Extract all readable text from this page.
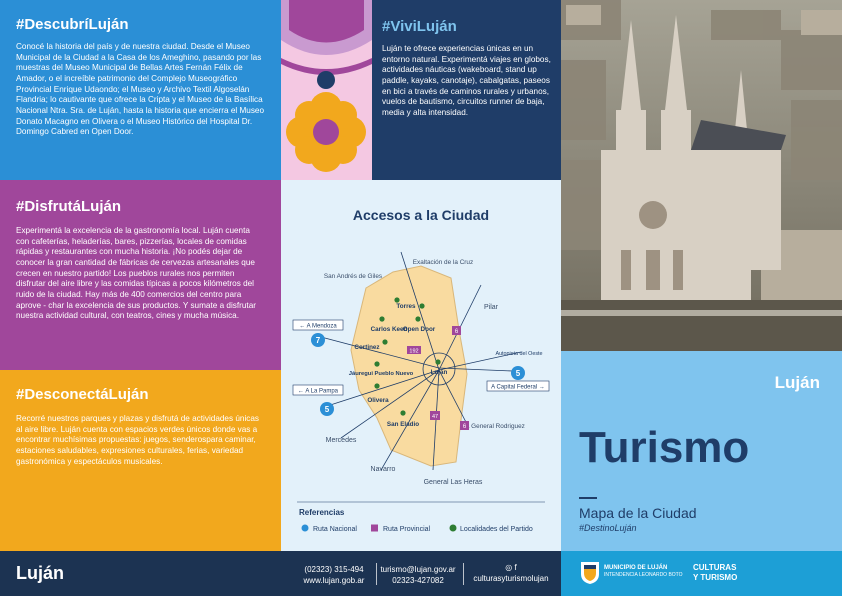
#DescubríLuján
Conocé la historia del país y de nuestra ciudad. Desde el Museo Municipal de la Ciudad a la Casa de los Ameghino, pasando por las muestras del Museo Municipal de Bellas Artes Fernán Félix de Amador, o el increíble patrimonio del Complejo Museográfico Provincial Enrique Udaondo; el Museo y Archivo Textil Algoselán Flandria; lo cautivante que ofrece la Cripta y el Museo de la Basílica Nacional Ntra. Sra. de Luján, hasta la historia que encierra el Museo Donato Macagno en Olivera o el Museo Histórico del Hospital Dr. Domingo Cabred en Open Door.
#DisfrutáLuján
Experimentá la excelencia de la gastronomía local. Luján cuenta con cafeterías, heladerías, bares, pizzerías, locales de comidas rápidas y restaurantes con mucha historia. ¡No podés dejar de conocer la gran cantidad de fábricas de cervezas artesanales que crecen en nuestro partido! Los pueblos rurales nos permiten disfrutar del aire libre y las comidas típicas a pocos kilómetros del ruido de la ciudad. Hay más de 400 comercios del centro para aprove - char la excelencia de sus productos. Y sumate a disfrutar nuestra actividad cultural, con teatros, cines y mucha música.
#DesconectáLuján
Recorré nuestros parques y plazas y disfrutá de actividades únicas al aire libre. Luján cuenta con espacios verdes únicos donde vas a encontrar muchísimas propuestas: juegos, senderospara caminar, estaciones saludables, expresiones culturales, ferias, variedad gastronómica y espectáculos musicales.
#ViviLuján
Luján te ofrece experiencias únicas en un entorno natural. Experimentá viajes en globos, actividades náuticas (wakeboard, stand up paddle, kayaks, canotaje), cabalgatas, paseos en bici a través de caminos rurales y urbanos, vuelos de bautismo, circuitos runner de baja, media y alta intensidad.
Luján
Turismo
Mapa de la Ciudad
#DestinoLuján
Accesos a la Ciudad
Exaltación de la Cruz
San Andrés de Giles
Pilar
General Rodriguez
Mercedes
Navarro
General Las Heras
Torres
Carlos Keen
Open Door
Cortinez
Luján
Jáuregui Pueblo Nuevo
Olivera
San Eladio
7
5
5
192
6
47
6
← A Mendoza
← A La Pampa
A Capital Federal →
Autopista del Oeste
Referencias
Ruta Nacional	Ruta Provincial	Localidades del Partido
Luján	(02323) 315-494
www.lujan.gob.ar
turismo@lujan.gov.ar
02323-427082
◎ f
culturasyturismolujan
MUNICIPIO DE LUJÁN
INTENDENCIA LEONARDO BOTO
CULTURAS
Y TURISMO
